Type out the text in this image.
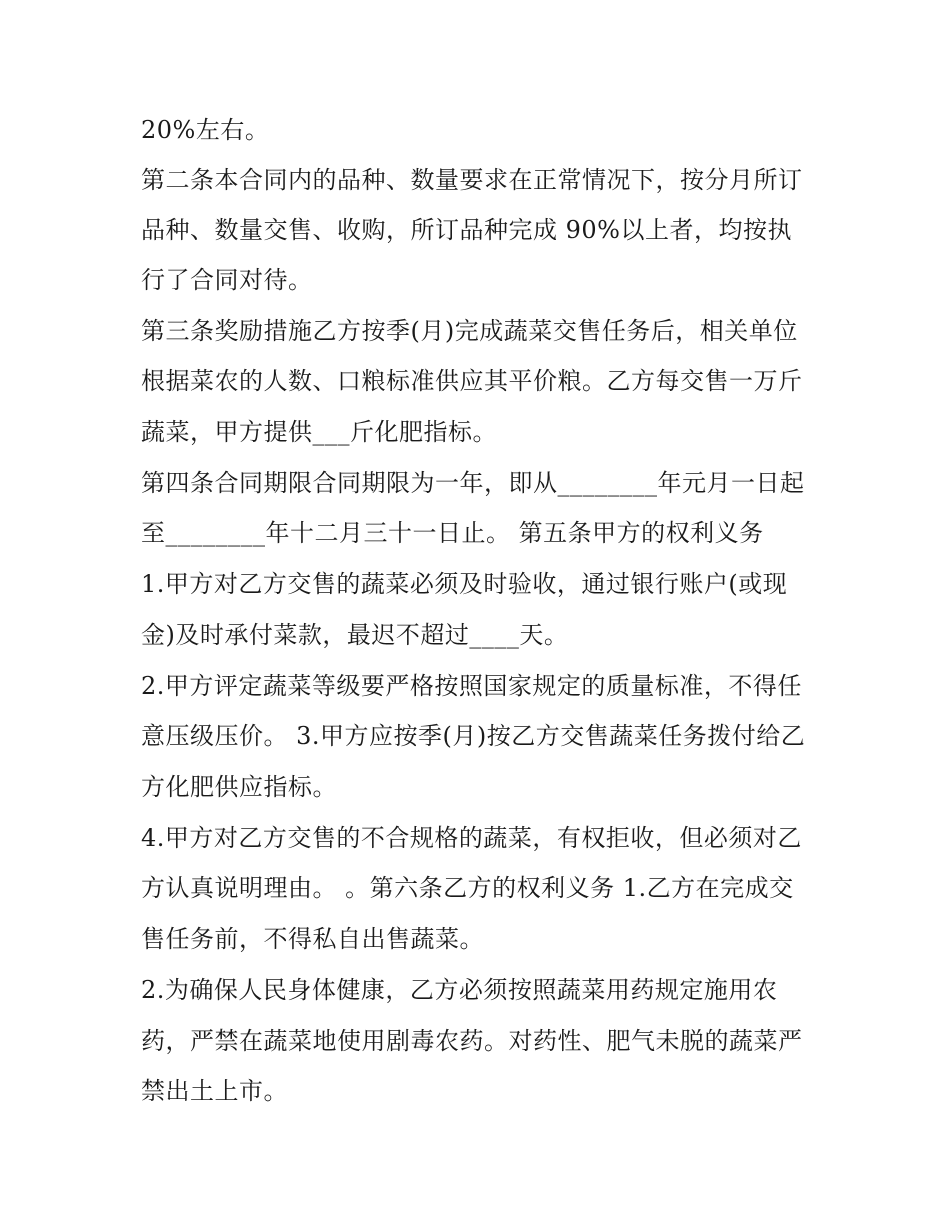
20%左右。
第二条本合同内的品种、数量要求在正常情况下，按分月所订
品种、数量交售、收购，所订品种完成 90%以上者，均按执
行了合同对待。
第三条奖励措施乙方按季(月)完成蔬菜交售任务后，相关单位
根据菜农的人数、口粮标准供应其平价粮。乙方每交售一万斤
蔬菜，甲方提供___斤化肥指标。
第四条合同期限合同期限为一年，即从________年元月一日起
至________年十二月三十一日止。 第五条甲方的权利义务
1.甲方对乙方交售的蔬菜必须及时验收，通过银行账户(或现
金)及时承付菜款，最迟不超过____天。
2.甲方评定蔬菜等级要严格按照国家规定的质量标准，不得任
意压级压价。 3.甲方应按季(月)按乙方交售蔬菜任务拨付给乙
方化肥供应指标。
4.甲方对乙方交售的不合规格的蔬菜，有权拒收，但必须对乙
方认真说明理由。 。第六条乙方的权利义务 1.乙方在完成交
售任务前，不得私自出售蔬菜。
2.为确保人民身体健康，乙方必须按照蔬菜用药规定施用农
药，严禁在蔬菜地使用剧毒农药。对药性、肥气未脱的蔬菜严
禁出土上市。
